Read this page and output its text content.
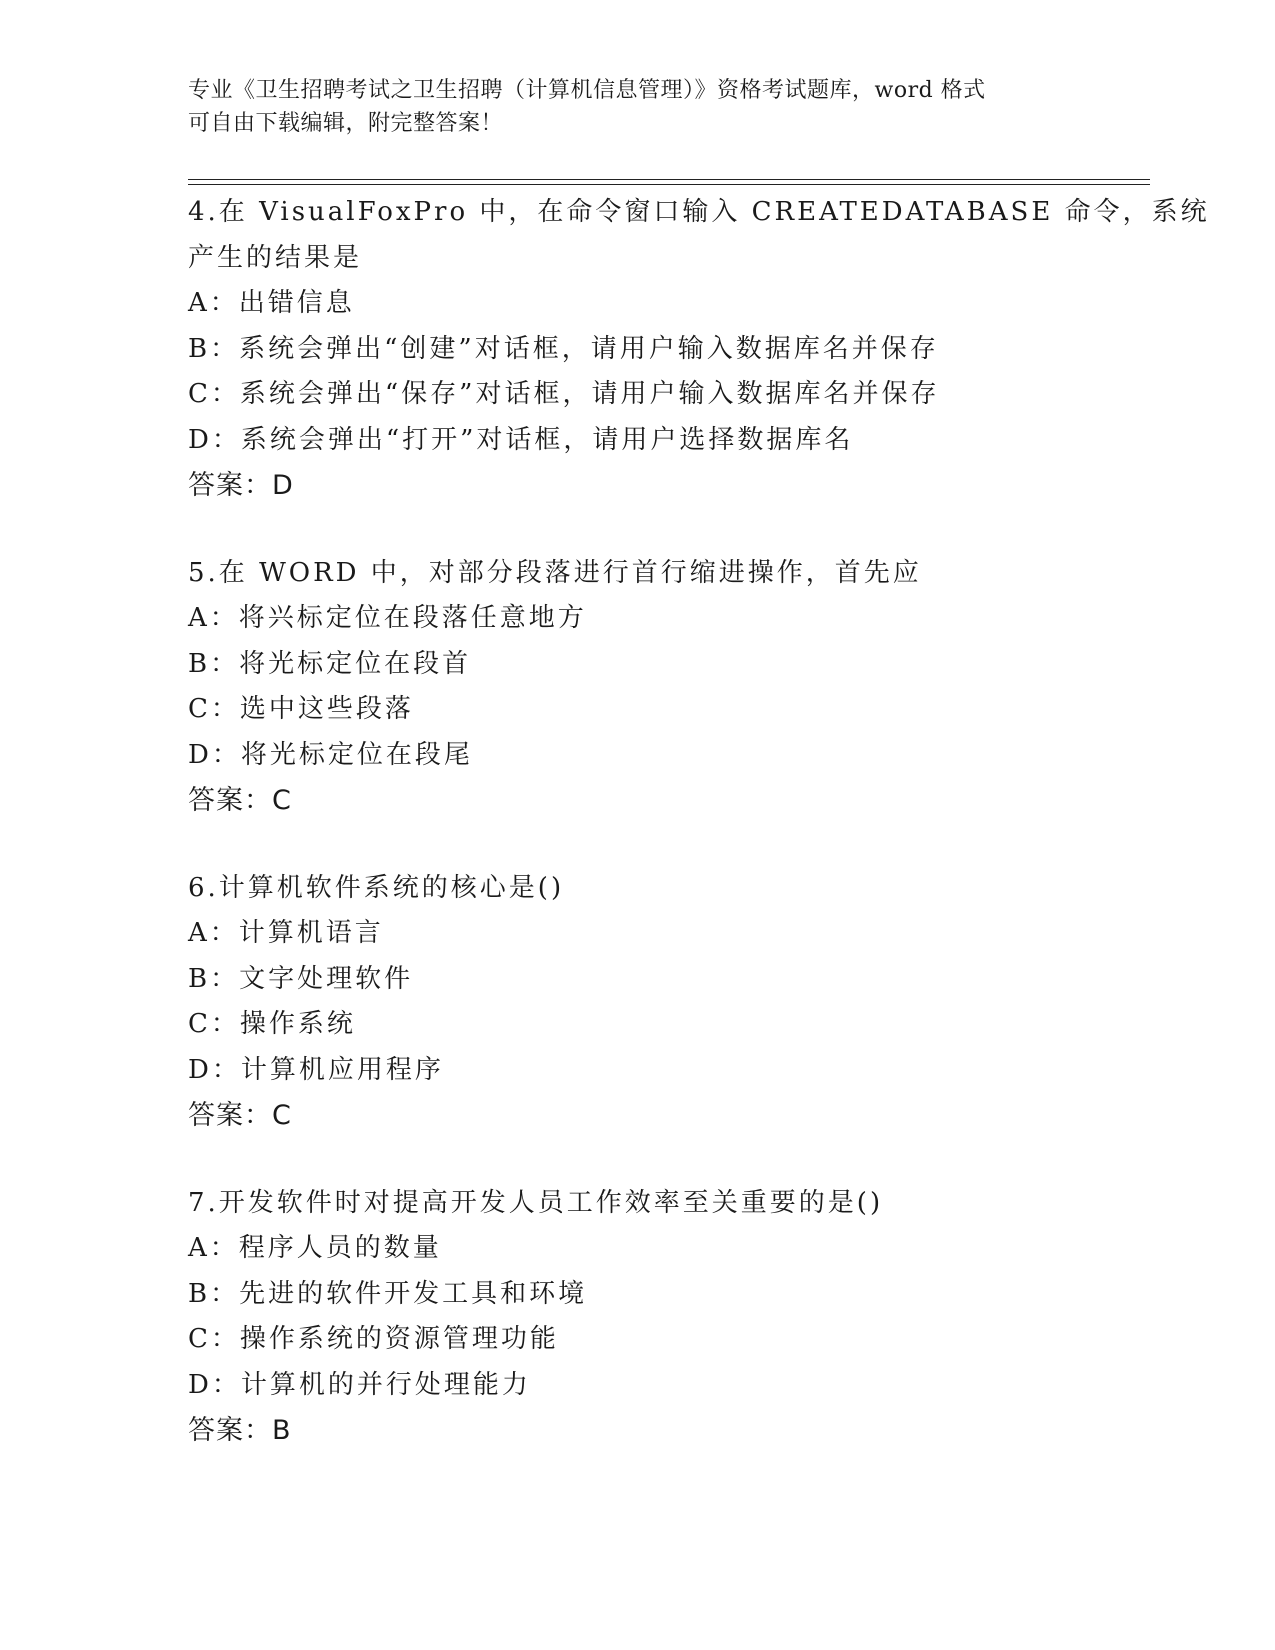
专业《卫生招聘考试之卫生招聘（计算机信息管理）》资格考试题库，word 格式
可自由下载编辑，附完整答案！
4.在 VisualFoxPro 中，在命令窗口输入 CREATEDATABASE 命令，系统
产生的结果是
A：出错信息
B：系统会弹出“创建”对话框，请用户输入数据库名并保存
C：系统会弹出“保存”对话框，请用户输入数据库名并保存
D：系统会弹出“打开”对话框，请用户选择数据库名
答案：D
5.在 WORD 中，对部分段落进行首行缩进操作，首先应
A：将兴标定位在段落任意地方
B：将光标定位在段首
C：选中这些段落
D：将光标定位在段尾
答案：C
6.计算机软件系统的核心是()
A：计算机语言
B：文字处理软件
C：操作系统
D：计算机应用程序
答案：C
7.开发软件时对提高开发人员工作效率至关重要的是()
A：程序人员的数量
B：先进的软件开发工具和环境
C：操作系统的资源管理功能
D：计算机的并行处理能力
答案：B
